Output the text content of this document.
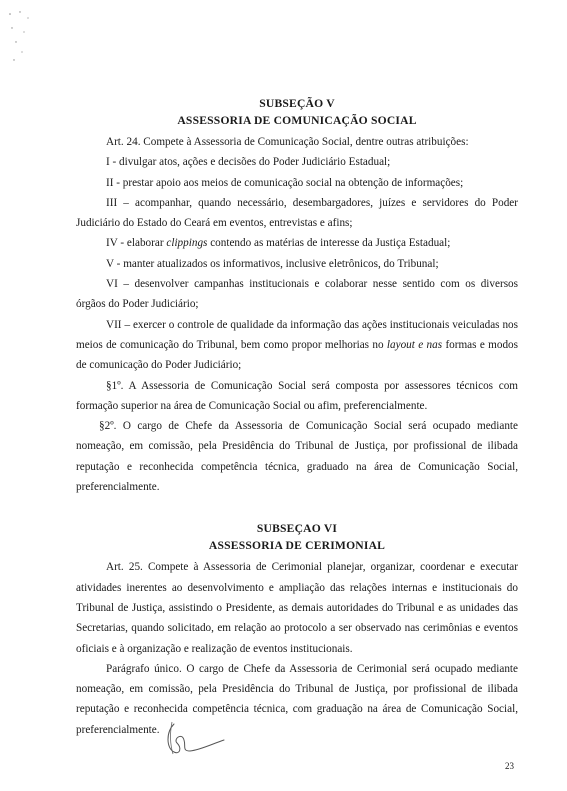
SUBSEÇÃO V
ASSESSORIA DE COMUNICAÇÃO SOCIAL

Art. 24. Compete à Assessoria de Comunicação Social, dentre outras atribuições:

I - divulgar atos, ações e decisões do Poder Judiciário Estadual;

II - prestar apoio aos meios de comunicação social na obtenção de informações;

III – acompanhar, quando necessário, desembargadores, juízes e servidores do Poder Judiciário do Estado do Ceará em eventos, entrevistas e afins;

IV - elaborar clippings contendo as matérias de interesse da Justiça Estadual;

V - manter atualizados os informativos, inclusive eletrônicos, do Tribunal;

VI – desenvolver campanhas institucionais e colaborar nesse sentido com os diversos órgãos do Poder Judiciário;

VII – exercer o controle de qualidade da informação das ações institucionais veiculadas nos meios de comunicação do Tribunal, bem como propor melhorias no layout e nas formas e modos de comunicação do Poder Judiciário;

§1º. A Assessoria de Comunicação Social será composta por assessores técnicos com formação superior na área de Comunicação Social ou afim, preferencialmente.

§2º. O cargo de Chefe da Assessoria de Comunicação Social será ocupado mediante nomeação, em comissão, pela Presidência do Tribunal de Justiça, por profissional de ilibada reputação e reconhecida competência técnica, graduado na área de Comunicação Social, preferencialmente.

SUBSEÇAO VI
ASSESSORIA DE CERIMONIAL

Art. 25. Compete à Assessoria de Cerimonial planejar, organizar, coordenar e executar atividades inerentes ao desenvolvimento e ampliação das relações internas e institucionais do Tribunal de Justiça, assistindo o Presidente, as demais autoridades do Tribunal e as unidades das Secretarias, quando solicitado, em relação ao protocolo a ser observado nas cerimônias e eventos oficiais e à organização e realização de eventos institucionais.

Parágrafo único. O cargo de Chefe da Assessoria de Cerimonial será ocupado mediante nomeação, em comissão, pela Presidência do Tribunal de Justiça, por profissional de ilibada reputação e reconhecida competência técnica, com graduação na área de Comunicação Social, preferencialmente.

23
